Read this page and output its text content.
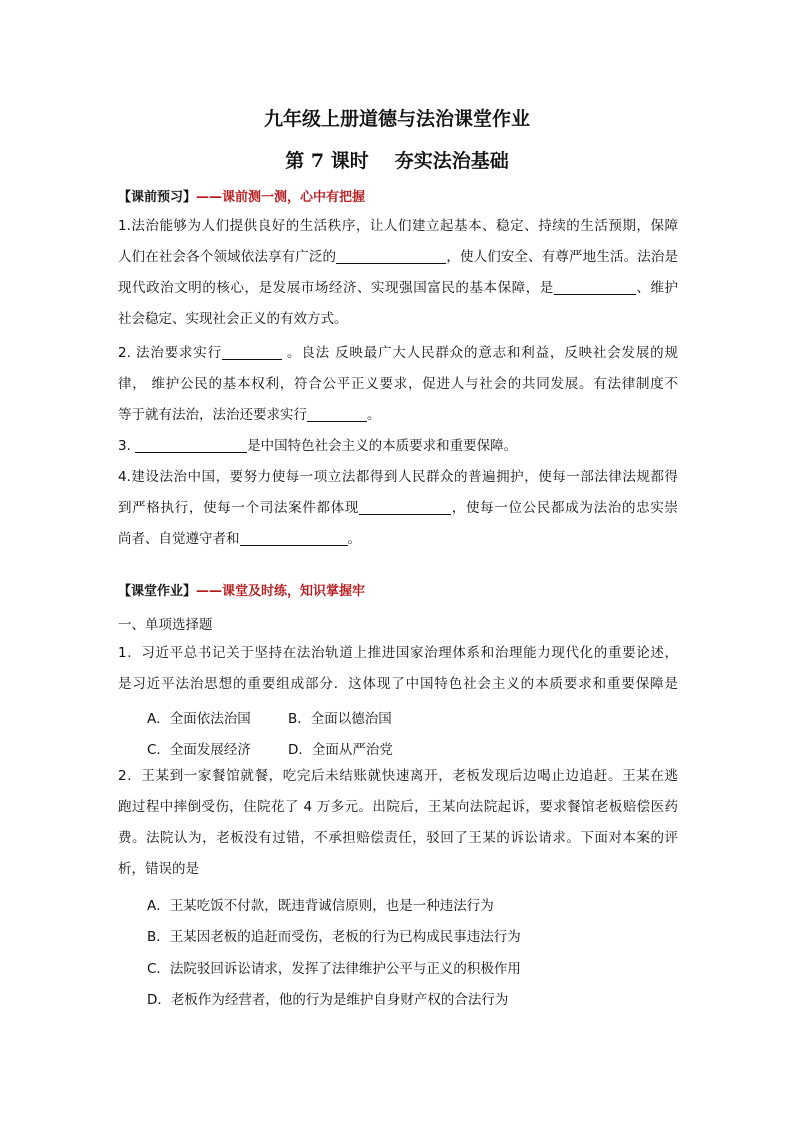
九年级上册道德与法治课堂作业
第 7 课时 夯实法治基础
【课前预习】——课前测一测，心中有把握
1.法治能够为人们提供良好的生活秩序，让人们建立起基本、稳定、持续的生活预期，保障
人们在社会各个领域依法享有广泛的	，使人们安全、有尊严地生活。法治是
现代政治文明的核心，是发展市场经济、实现强国富民的基本保障，是	、维护
社会稳定、实现社会正义的有效方式。
2. 法治要求实行	。良法 反映最广大人民群众的意志和利益，反映社会发展的规
律， 维护公民的基本权利，符合公平正义要求，促进人与社会的共同发展。有法律制度不
等于就有法治，法治还要求实行	。
3.	是中国特色社会主义的本质要求和重要保障。
4.建设法治中国，要努力使每一项立法都得到人民群众的普遍拥护，使每一部法律法规都得
到严格执行，使每一个司法案件都体现	，使每一位公民都成为法治的忠实崇
尚者、自觉遵守者和	。
【课堂作业】——课堂及时练，知识掌握牢
一、单项选择题
1．习近平总书记关于坚持在法治轨道上推进国家治理体系和治理能力现代化的重要论述，
是习近平法治思想的重要组成部分．这体现了中国特色社会主义的本质要求和重要保障是
A．全面依法治国	B．全面以德治国
C．全面发展经济	D．全面从严治党
2．王某到一家餐馆就餐，吃完后未结账就快速离开，老板发现后边喝止边追赶。王某在逃
跑过程中摔倒受伤，住院花了 4 万多元。出院后，王某向法院起诉，要求餐馆老板赔偿医药
费。法院认为，老板没有过错，不承担赔偿责任，驳回了王某的诉讼请求。下面对本案的评
析，错误的是
A．王某吃饭不付款，既违背诚信原则，也是一种违法行为
B．王某因老板的追赶而受伤，老板的行为已构成民事违法行为
C．法院驳回诉讼请求，发挥了法律维护公平与正义的积极作用
D．老板作为经营者，他的行为是维护自身财产权的合法行为
